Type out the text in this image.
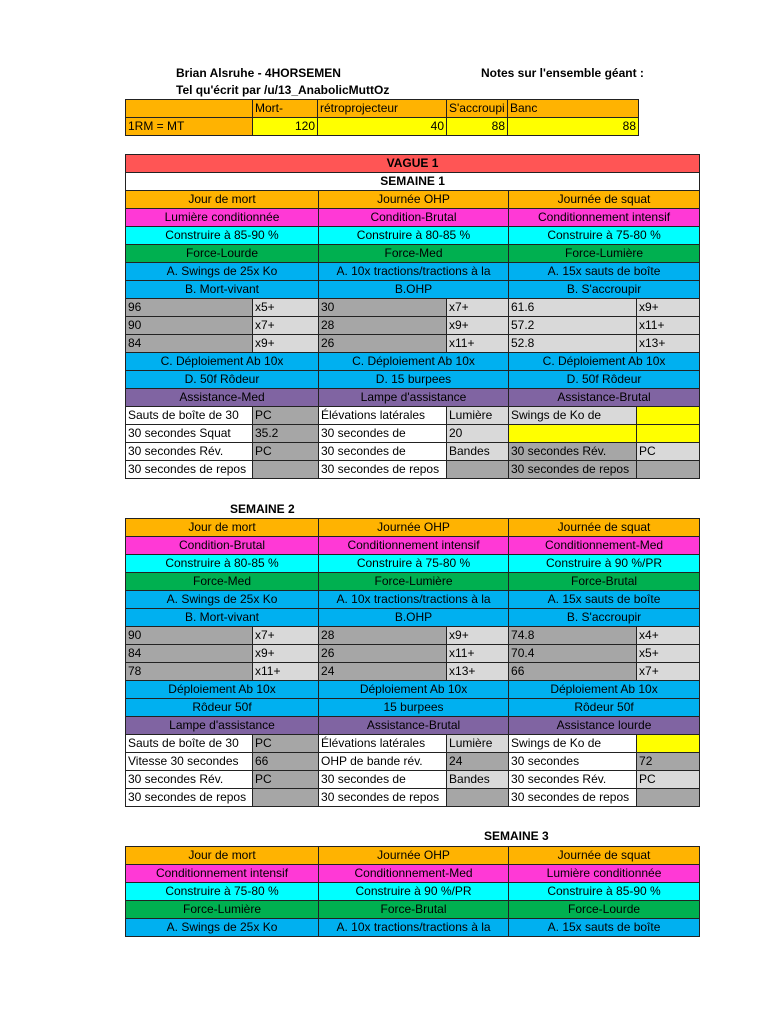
Brian Alsruhe - 4HORSEMEN	Notes sur l'ensemble géant :
Tel qu'écrit par /u/13_AnabolicMuttOz
	Mort-	rétroprojecteur	S'accroupi	Banc
1RM = MT	120	40	88	88
VAGUE 1					
SEMAINE 1					
Jour de mort		Journée OHP		Journée de squat	
Lumière conditionnée		Condition-Brutal		Conditionnement intensif	
Construire à 85-90 %		Construire à 80-85 %		Construire à 75-80 %	
Force-Lourde		Force-Med		Force-Lumière	
A. Swings de 25x Ko		A. 10x tractions/tractions à la		A. 15x sauts de boîte	
B. Mort-vivant		B.OHP		B. S'accroupir	
96	x5+	30	x7+	61.6	x9+
90	x7+	28	x9+	57.2	x11+
84	x9+	26	x11+	52.8	x13+
C. Déploiement Ab 10x		C. Déploiement Ab 10x		C. Déploiement Ab 10x	
D. 50f Rôdeur		D. 15 burpees		D. 50f Rôdeur	
Assistance-Med		Lampe d'assistance		Assistance-Brutal	
Sauts de boîte de 30	PC	Élévations latérales	Lumière	Swings de Ko de	
30 secondes Squat	35.2	30 secondes de	20		
30 secondes Rév.	PC	30 secondes de	Bandes	30 secondes Rév.	PC
30 secondes de repos		30 secondes de repos		30 secondes de repos	
SEMAINE 2
Jour de mort		Journée OHP		Journée de squat	
Condition-Brutal		Conditionnement intensif		Conditionnement-Med	
Construire à 80-85 %		Construire à 75-80 %		Construire à 90 %/PR	
Force-Med		Force-Lumière		Force-Brutal	
A. Swings de 25x Ko		A. 10x tractions/tractions à la		A. 15x sauts de boîte	
B. Mort-vivant		B.OHP		B. S'accroupir	
90	x7+	28	x9+	74.8	x4+
84	x9+	26	x11+	70.4	x5+
78	x11+	24	x13+	66	x7+
Déploiement Ab 10x		Déploiement Ab 10x		Déploiement Ab 10x	
Rôdeur 50f		15 burpees		Rôdeur 50f	
Lampe d'assistance		Assistance-Brutal		Assistance lourde	
Sauts de boîte de 30	PC	Élévations latérales	Lumière	Swings de Ko de	
Vitesse 30 secondes	66	OHP de bande rév.	24	30 secondes	72
30 secondes Rév.	PC	30 secondes de	Bandes	30 secondes Rév.	PC
30 secondes de repos		30 secondes de repos		30 secondes de repos	
SEMAINE 3
Jour de mort	Journée OHP	Journée de squat
Conditionnement intensif	Conditionnement-Med	Lumière conditionnée
Construire à 75-80 %	Construire à 90 %/PR	Construire à 85-90 %
Force-Lumière	Force-Brutal	Force-Lourde
A. Swings de 25x Ko	A. 10x tractions/tractions à la	A. 15x sauts de boîte
